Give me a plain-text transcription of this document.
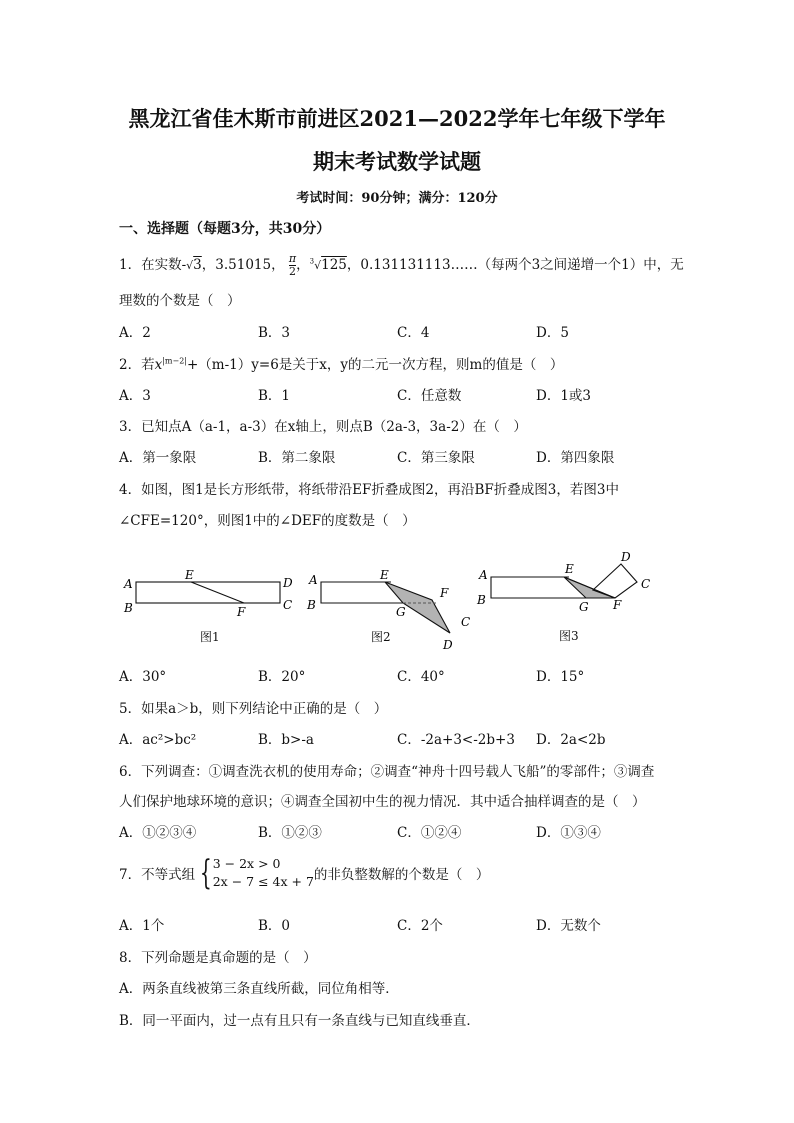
黑龙江省佳木斯市前进区2021—2022学年七年级下学年
期末考试数学试题
考试时间：90分钟；满分：120分
一、选择题（每题3分，共30分）
1．在实数-√3，3.51015， $\frac{\pi}{2}$ ，$^3$√125，0.131131113……（每两个3之间递增一个1）中，无
理数的个数是（　）
A．2	B．3	C．4	D．5
2．若$x^{|m-2|}+(m-1)y=6$是关于x，y的二元一次方程，则m的值是（　）
A．3	B．1	C．任意数	D．1或3
3．已知点A（a-1，a-3）在x轴上，则点B（2a-3，3a-2）在（　）
A．第一象限	B．第二象限	C．第三象限	D．第四象限
4．如图，图1是长方形纸带，将纸带沿EF折叠成图2，再沿BF折叠成图3，若图3中
∠CFE=120°，则图1中的∠DEF的度数是（　）
A
B
D
C
E
F
A
B
E
G
F
C
D
A
B
E
G F
D
C
图1	图2	图3
A．30°	B．20°	C．40°	D．15°
5．如果a＞b，则下列结论中正确的是（　）
A．ac²>bc²	B．b>-a	C．-2a+3<-2b+3 D．2a<2b
6．下列调查：①调查洗衣机的使用寿命；②调查“神舟十四号载人飞船”的零部件；③调查
人们保护地球环境的意识；④调查全国初中生的视力情况．其中适合抽样调查的是（　）
A．①②③④	B．①②③	C．①②④	D．①③④
7．不等式组 { 3 − 2x > 0
2x − 7 ≤ 4x + 7 的非负整数解的个数是（　）
A．1个	B．0	C．2个	D．无数个
8．下列命题是真命题的是（　）
A．两条直线被第三条直线所截，同位角相等．
B．同一平面内，过一点有且只有一条直线与已知直线垂直．
